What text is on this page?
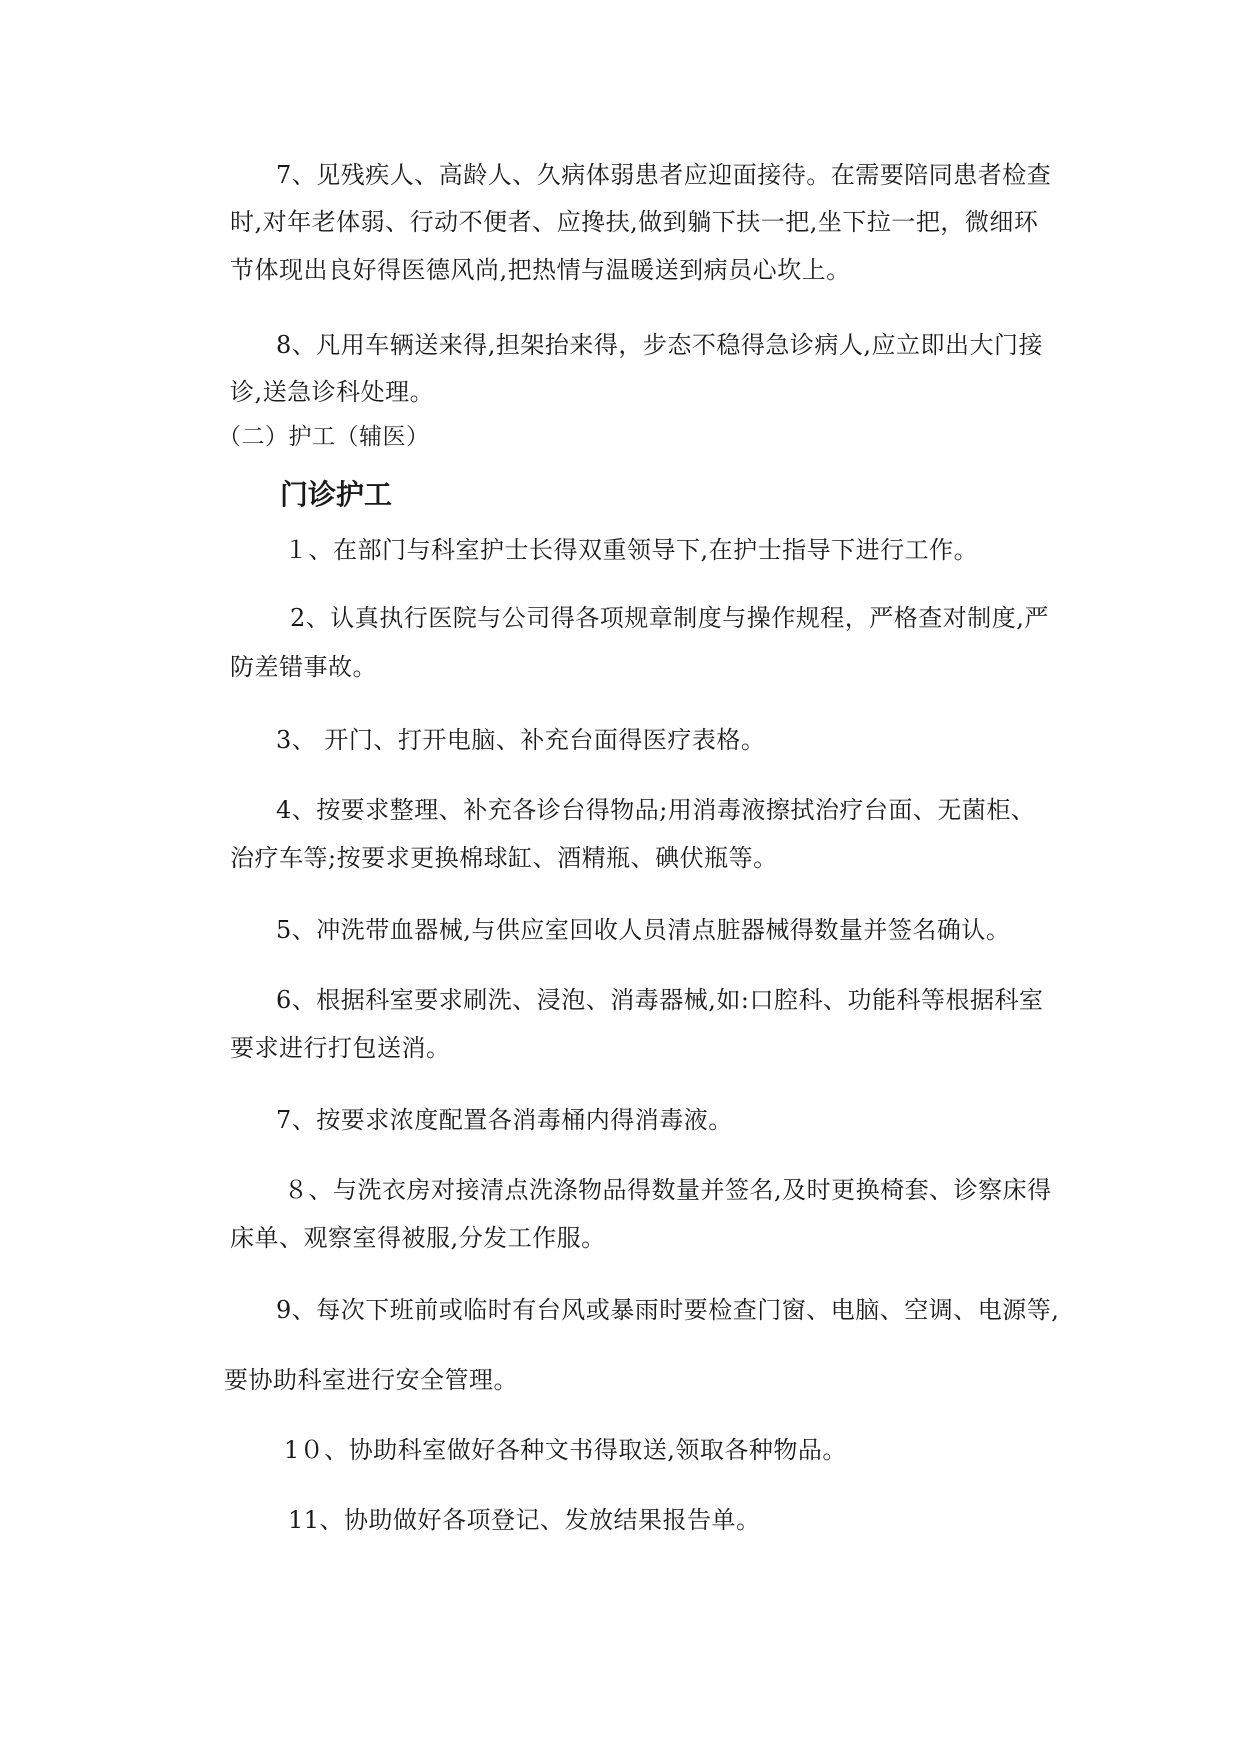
7、见残疾人、高龄人、久病体弱患者应迎面接待。在需要陪同患者检查
时,对年老体弱、行动不便者、应搀扶,做到躺下扶一把,坐下拉一把，微细环
节体现出良好得医德风尚,把热情与温暖送到病员心坎上。
8、凡用车辆送来得,担架抬来得，步态不稳得急诊病人,应立即出大门接
诊,送急诊科处理。
（二）护工（辅医）
门诊护工
１、在部门与科室护士长得双重领导下,在护士指导下进行工作。
2、认真执行医院与公司得各项规章制度与操作规程，严格查对制度,严
防差错事故。
3、 开门、打开电脑、补充台面得医疗表格。
4、按要求整理、补充各诊台得物品;用消毒液擦拭治疗台面、无菌柜、
治疗车等;按要求更换棉球缸、酒精瓶、碘伏瓶等。
5、冲洗带血器械,与供应室回收人员清点脏器械得数量并签名确认。
6、根据科室要求刷洗、浸泡、消毒器械,如:口腔科、功能科等根据科室
要求进行打包送消。
7、按要求浓度配置各消毒桶内得消毒液。
８、与洗衣房对接清点洗涤物品得数量并签名,及时更换椅套、诊察床得
床单、观察室得被服,分发工作服。
9、每次下班前或临时有台风或暴雨时要检查门窗、电脑、空调、电源等,
要协助科室进行安全管理。
1０、协助科室做好各种文书得取送,领取各种物品。
11、协助做好各项登记、发放结果报告单。
